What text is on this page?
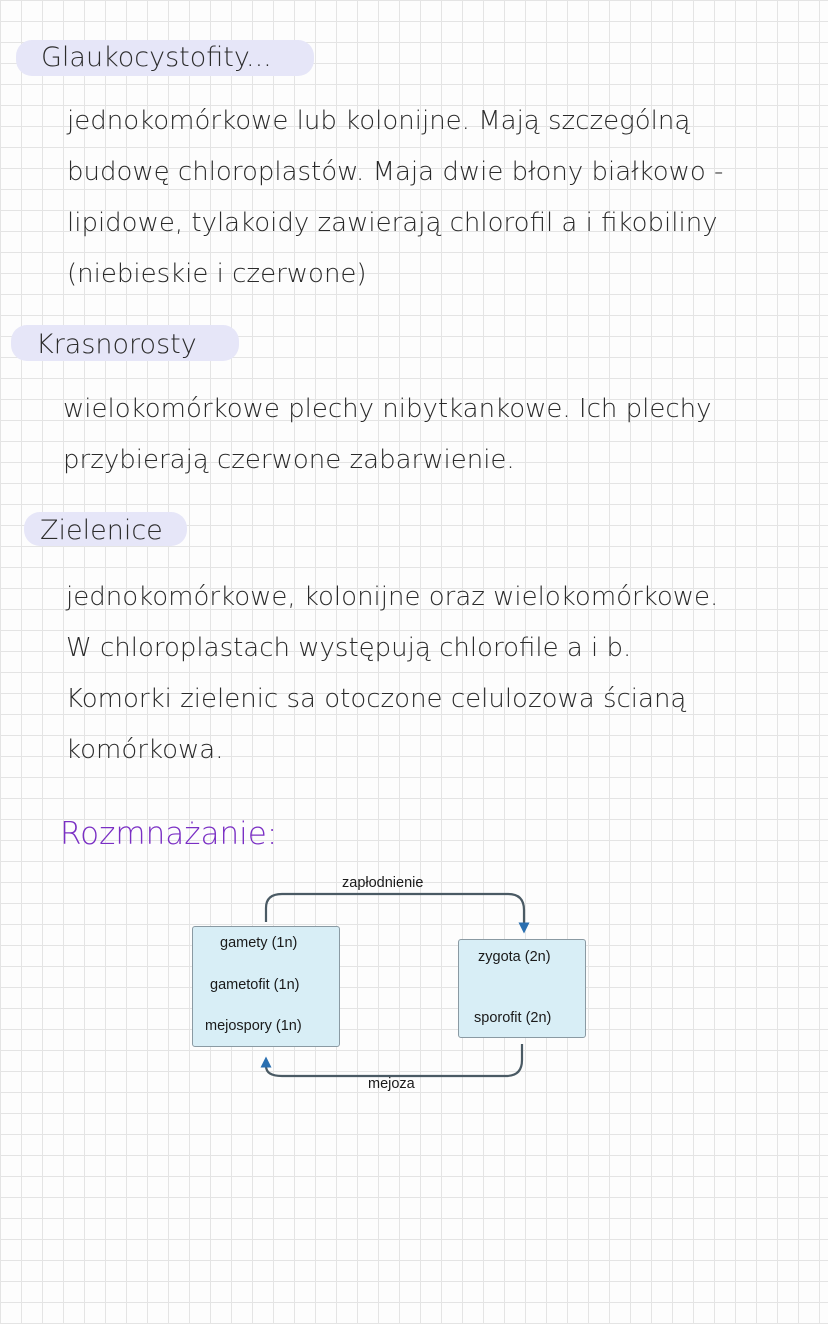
Glaukocystofity...
jednokomórkowe lub kolonijne. Mają szczególną
budowę chloroplastów. Maja dwie błony białkowo -
lipidowe, tylakoidy zawierają chlorofil a i fikobiliny
(niebieskie i czerwone)
Krasnorosty
wielokomórkowe plechy nibytkankowe. Ich plechy
przybierają czerwone zabarwienie.
Zielenice
jednokomórkowe, kolonijne oraz wielokomórkowe.
W chloroplastach występują chlorofile a i b.
Komorki zielenic sa otoczone celulozowa ścianą
komórkowa.
Rozmnażanie:
gamety (1n)
gametofit (1n)
mejospory (1n)
zygota (2n)
sporofit (2n)
zapłodnienie
mejoza
